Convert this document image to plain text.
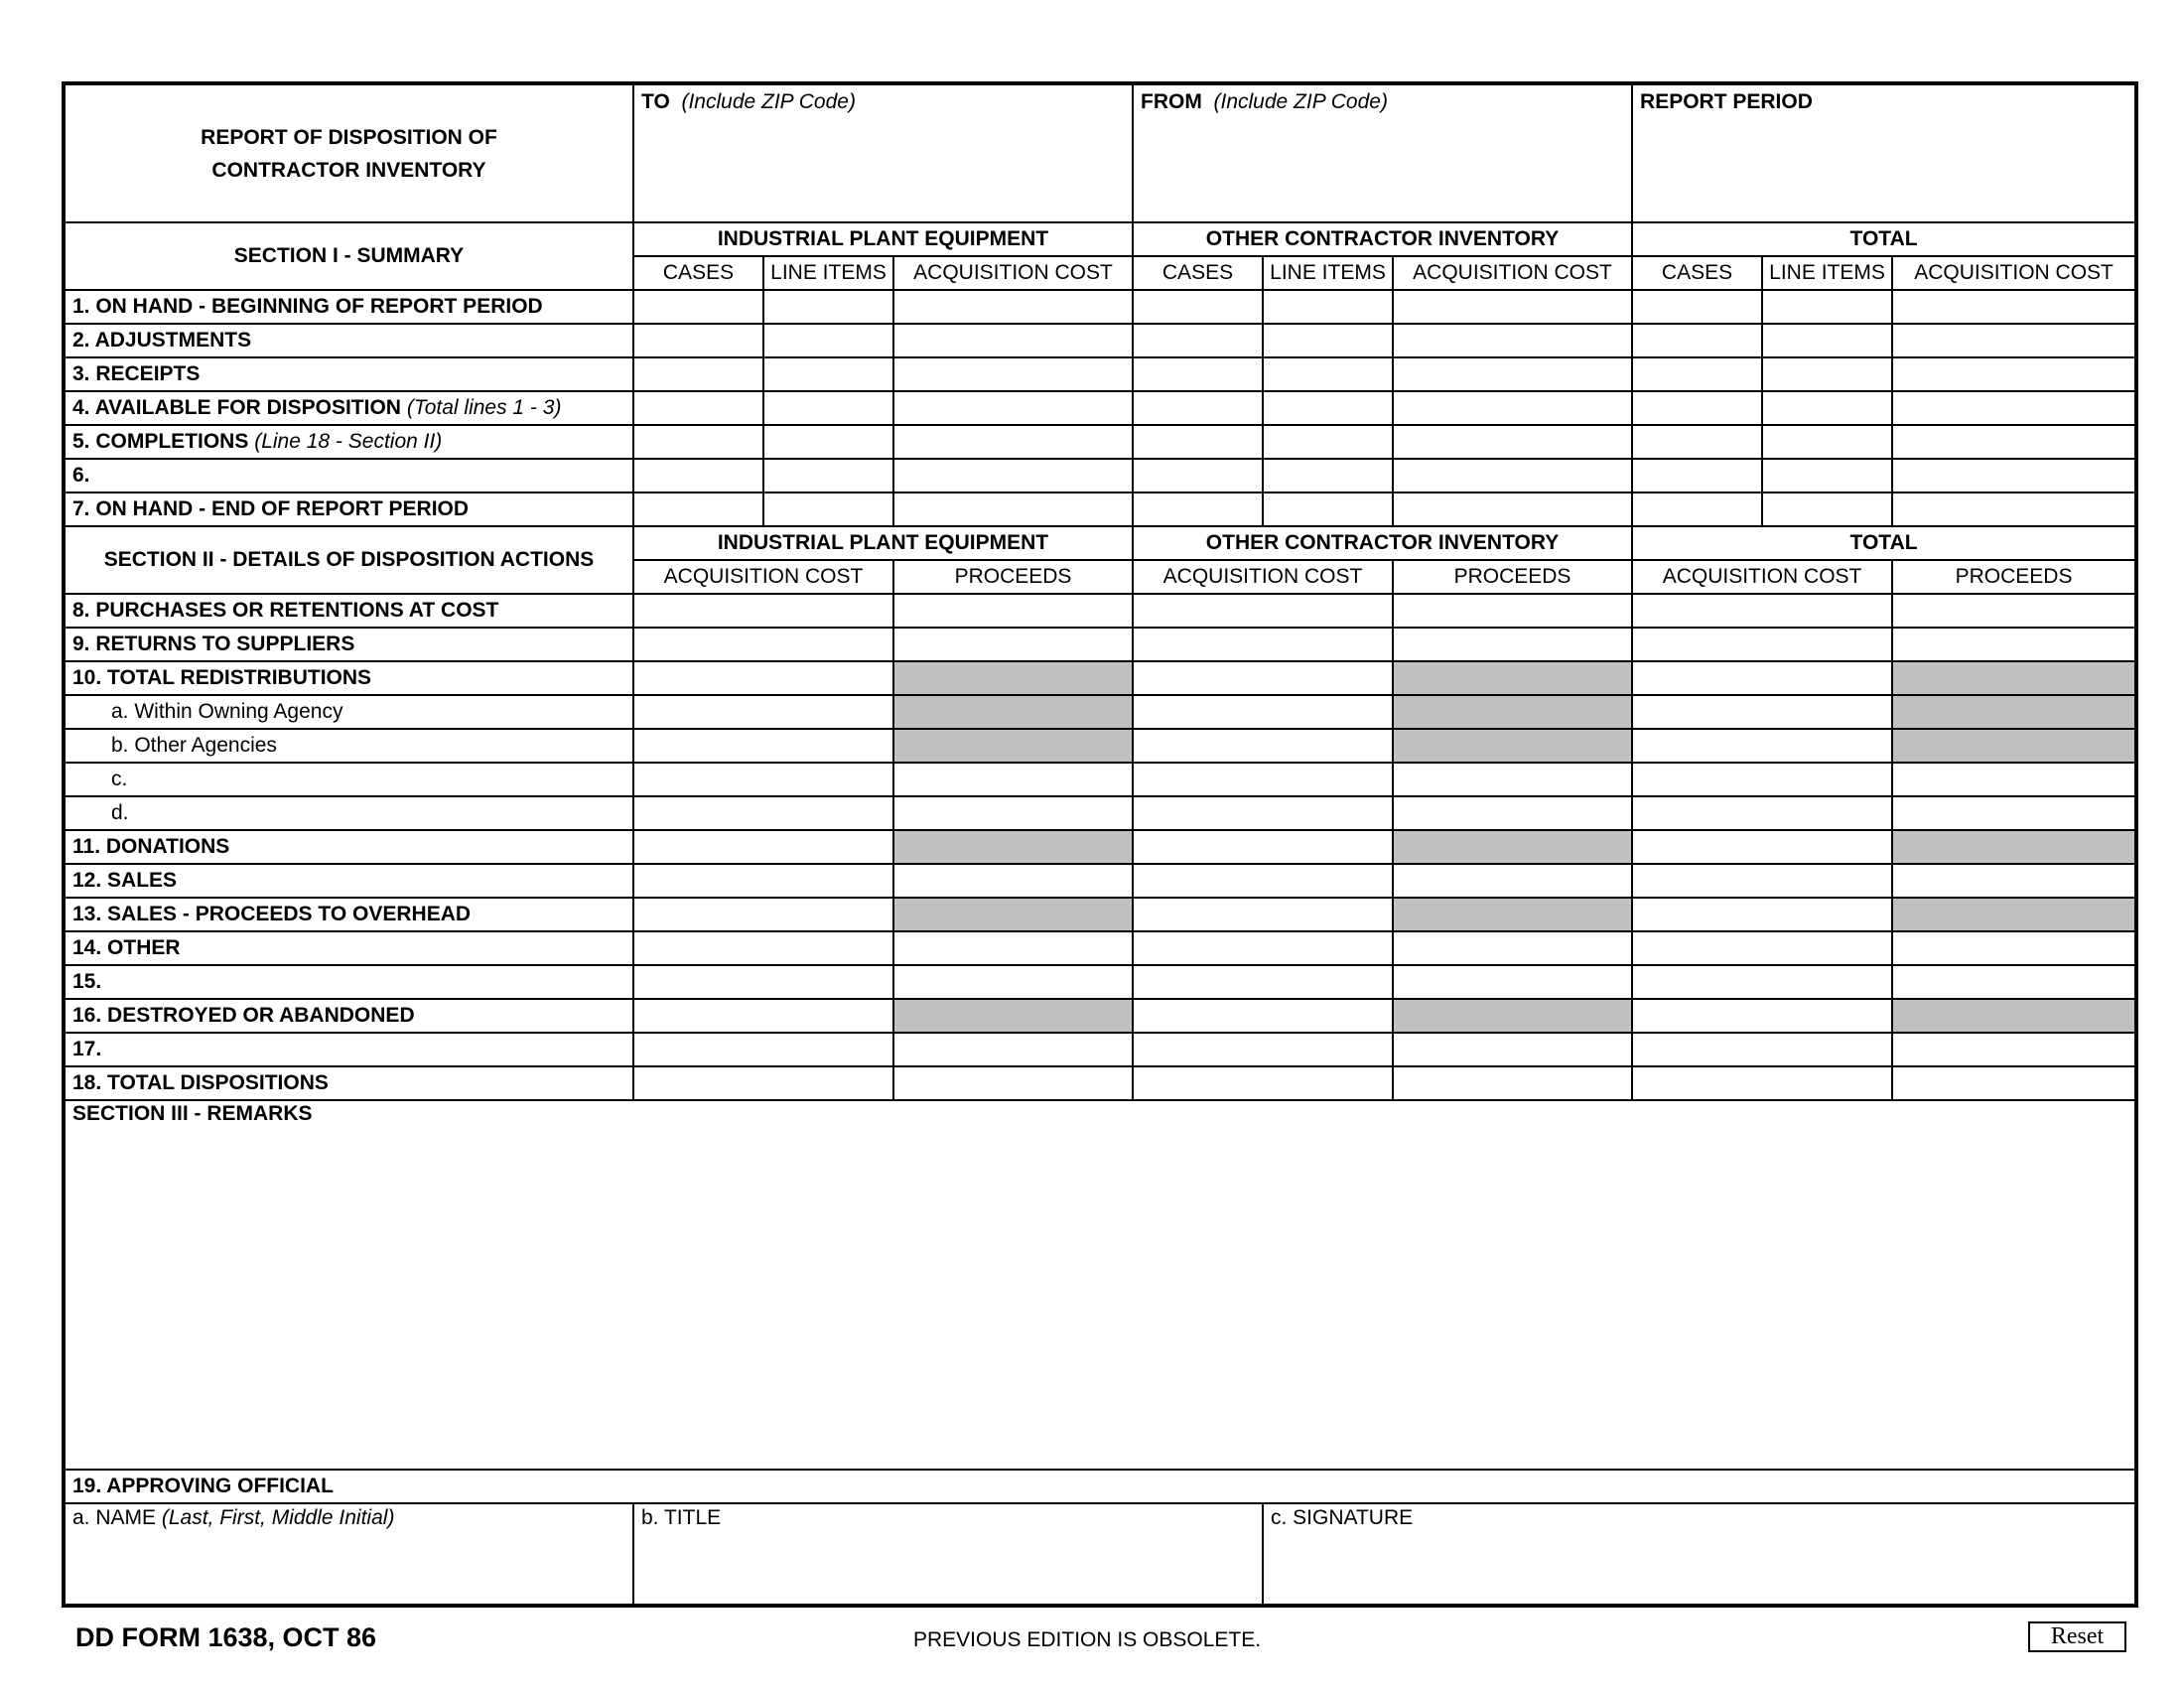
REPORT OF DISPOSITION OF
CONTRACTOR INVENTORY	TO (Include ZIP Code)			FROM (Include ZIP Code)			REPORT PERIOD		
SECTION I - SUMMARY	INDUSTRIAL PLANT EQUIPMENT			OTHER CONTRACTOR INVENTORY			TOTAL		
	CASES	LINE ITEMS	ACQUISITION COST	CASES	LINE ITEMS	ACQUISITION COST	CASES	LINE ITEMS	ACQUISITION COST
1. ON HAND - BEGINNING OF REPORT PERIOD									
2. ADJUSTMENTS									
3. RECEIPTS									
4. AVAILABLE FOR DISPOSITION (Total lines 1 - 3)									
5. COMPLETIONS (Line 18 - Section II)									
6.									
7. ON HAND - END OF REPORT PERIOD									
SECTION II - DETAILS OF DISPOSITION ACTIONS	INDUSTRIAL PLANT EQUIPMENT			OTHER CONTRACTOR INVENTORY			TOTAL		
	ACQUISITION COST		PROCEEDS	ACQUISITION COST		PROCEEDS	ACQUISITION COST		PROCEEDS
8. PURCHASES OR RETENTIONS AT COST									
9. RETURNS TO SUPPLIERS									
10. TOTAL REDISTRIBUTIONS									
a. Within Owning Agency									
b. Other Agencies									
c.									
d.									
11. DONATIONS									
12. SALES									
13. SALES - PROCEEDS TO OVERHEAD									
14. OTHER									
15.									
16. DESTROYED OR ABANDONED									
17.									
18. TOTAL DISPOSITIONS									
SECTION III - REMARKS									
19. APPROVING OFFICIAL									
a. NAME (Last, First, Middle Initial)	b. TITLE				c. SIGNATURE				
DD FORM 1638, OCT 86	PREVIOUS EDITION IS OBSOLETE.	Reset
